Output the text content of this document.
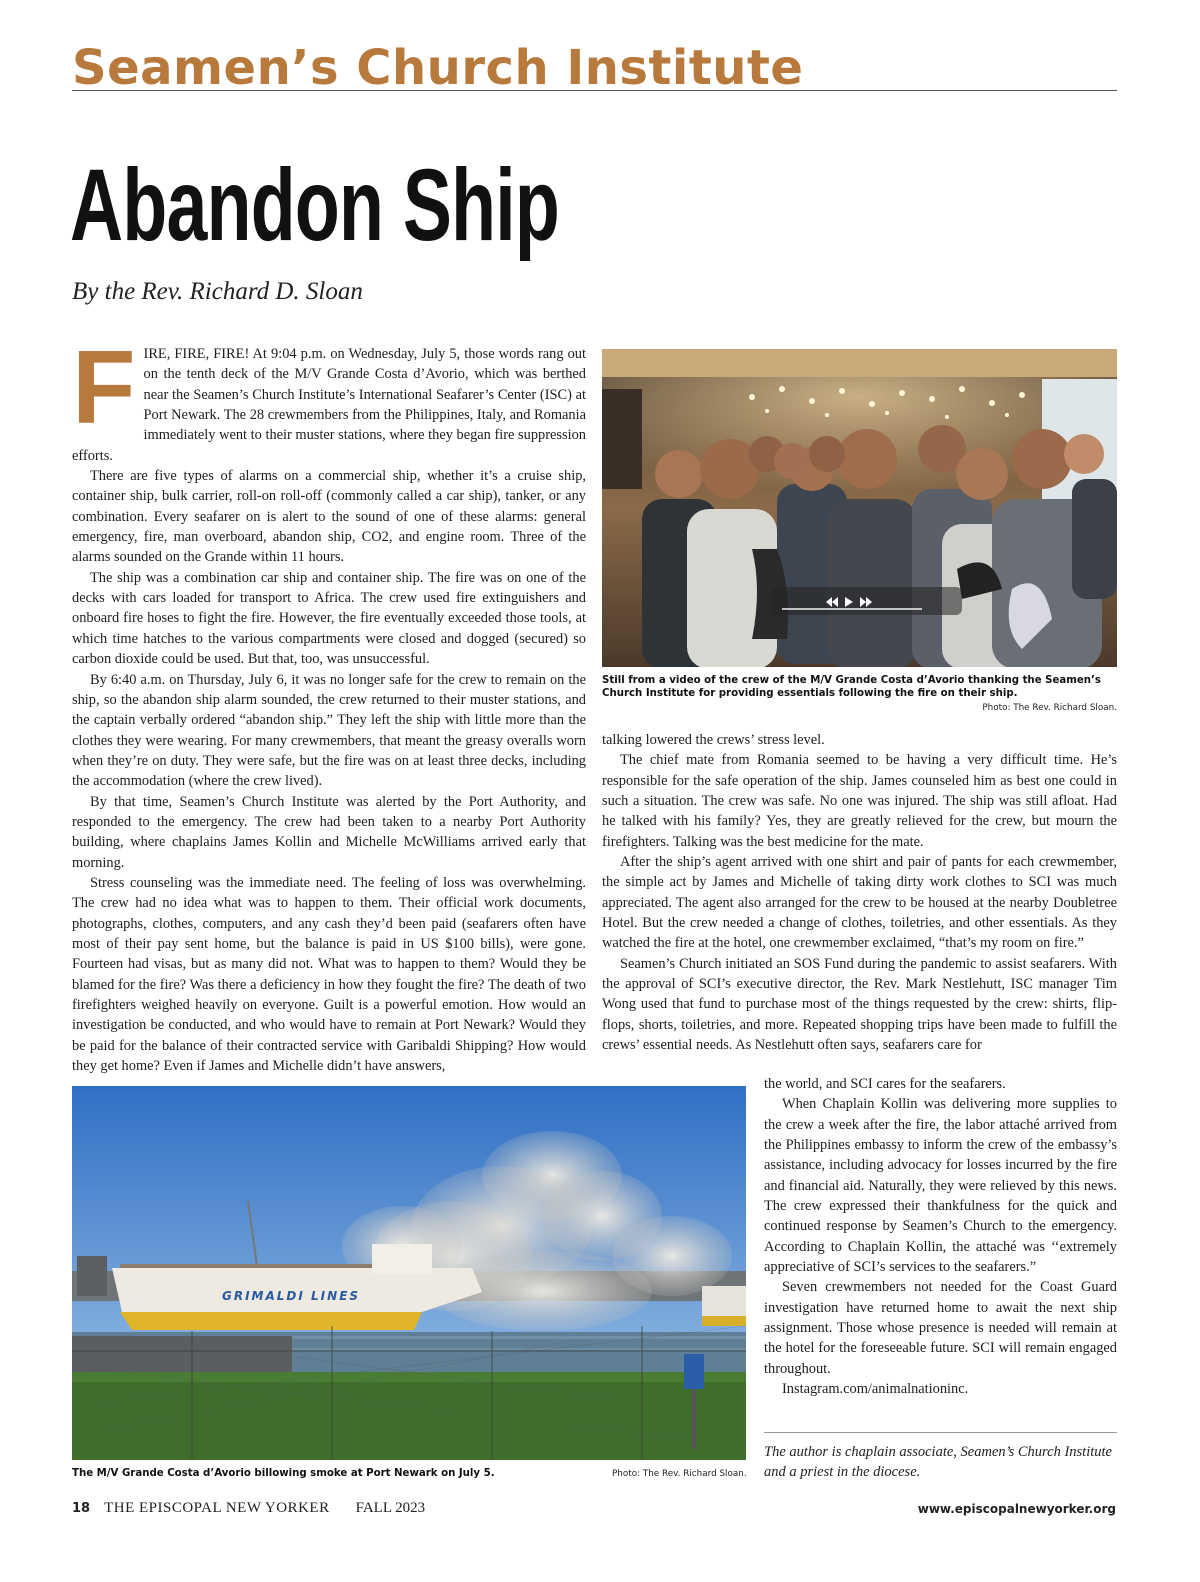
Seamen’s Church Institute
Abandon Ship
By the Rev. Richard D. Sloan

FIRE, FIRE, FIRE! At 9:04 p.m. on Wednesday, July 5, those words rang out on the tenth deck of the M/V Grande Costa d’Avorio, which was berthed near the Seamen’s Church Institute’s International Seafarer’s Center (ISC) at Port Newark. The 28 crewmembers from the Philippines, Italy, and Romania immediately went to their muster stations, where they began fire suppression efforts.

There are five types of alarms on a commercial ship, whether it’s a cruise ship, container ship, bulk carrier, roll-on roll-off (commonly called a car ship), tanker, or any combination. Every seafarer on is alert to the sound of one of these alarms: general emergency, fire, man overboard, abandon ship, CO2, and engine room. Three of the alarms sounded on the Grande within 11 hours.

The ship was a combination car ship and container ship. The fire was on one of the decks with cars loaded for transport to Africa. The crew used fire extinguishers and onboard fire hoses to fight the fire. However, the fire eventually exceeded those tools, at which time hatches to the various compartments were closed and dogged (secured) so carbon dioxide could be used. But that, too, was unsuccessful.

By 6:40 a.m. on Thursday, July 6, it was no longer safe for the crew to remain on the ship, so the abandon ship alarm sounded, the crew returned to their muster stations, and the captain verbally ordered “abandon ship.” They left the ship with little more than the clothes they were wearing. For many crewmembers, that meant the greasy overalls worn when they’re on duty. They were safe, but the fire was on at least three decks, including the accommodation (where the crew lived).

By that time, Seamen’s Church Institute was alerted by the Port Authority, and responded to the emergency. The crew had been taken to a nearby Port Authority building, where chaplains James Kollin and Michelle McWilliams arrived early that morning.

Stress counseling was the immediate need. The feeling of loss was overwhelming. The crew had no idea what was to happen to them. Their official work documents, photographs, clothes, computers, and any cash they’d been paid (seafarers often have most of their pay sent home, but the balance is paid in US $100 bills), were gone. Fourteen had visas, but as many did not. What was to happen to them? Would they be blamed for the fire? Was there a deficiency in how they fought the fire? The death of two firefighters weighed heavily on everyone. Guilt is a powerful emotion. How would an investigation be conducted, and who would have to remain at Port Newark? Would they be paid for the balance of their contracted service with Garibaldi Shipping? How would they get home? Even if James and Michelle didn’t have answers,

Still from a video of the crew of the M/V Grande Costa d’Avorio thanking the Seamen’s Church Institute for providing essentials following the fire on their ship.
Photo: The Rev. Richard Sloan.

talking lowered the crews’ stress level.

The chief mate from Romania seemed to be having a very difficult time. He’s responsible for the safe operation of the ship. James counseled him as best one could in such a situation. The crew was safe. No one was injured. The ship was still afloat. Had he talked with his family? Yes, they are greatly relieved for the crew, but mourn the firefighters. Talking was the best medicine for the mate.

After the ship’s agent arrived with one shirt and pair of pants for each crewmember, the simple act by James and Michelle of taking dirty work clothes to SCI was much appreciated. The agent also arranged for the crew to be housed at the nearby Doubletree Hotel. But the crew needed a change of clothes, toiletries, and other essentials. As they watched the fire at the hotel, one crewmember exclaimed, “that’s my room on fire.”

Seamen’s Church initiated an SOS Fund during the pandemic to assist seafarers. With the approval of SCI’s executive director, the Rev. Mark Nestlehutt, ISC manager Tim Wong used that fund to purchase most of the things requested by the crew: shirts, flip-flops, shorts, toiletries, and more. Repeated shopping trips have been made to fulfill the crews’ essential needs. As Nestlehutt often says, seafarers care for

the world, and SCI cares for the seafarers.

When Chaplain Kollin was delivering more supplies to the crew a week after the fire, the labor attaché arrived from the Philippines embassy to inform the crew of the embassy’s assistance, including advocacy for losses incurred by the fire and financial aid. Naturally, they were relieved by this news. The crew expressed their thankfulness for the quick and continued response by Seamen’s Church to the emergency. According to Chaplain Kollin, the attaché was ‘‘extremely appreciative of SCI’s services to the seafarers.”

Seven crewmembers not needed for the Coast Guard investigation have returned home to await the next ship assignment. Those whose presence is needed will remain at the hotel for the foreseeable future. SCI will remain engaged throughout.

Instagram.com/animalnationinc.

GRIMALDI LINES
The M/V Grande Costa d’Avorio billowing smoke at Port Newark on July 5.	Photo: The Rev. Richard Sloan.
The author is chaplain associate, Seamen’s Church Institute and a priest in the diocese.
18 THE EPISCOPAL NEW YORKER FALL 2023	www.episcopalnewyorker.org
